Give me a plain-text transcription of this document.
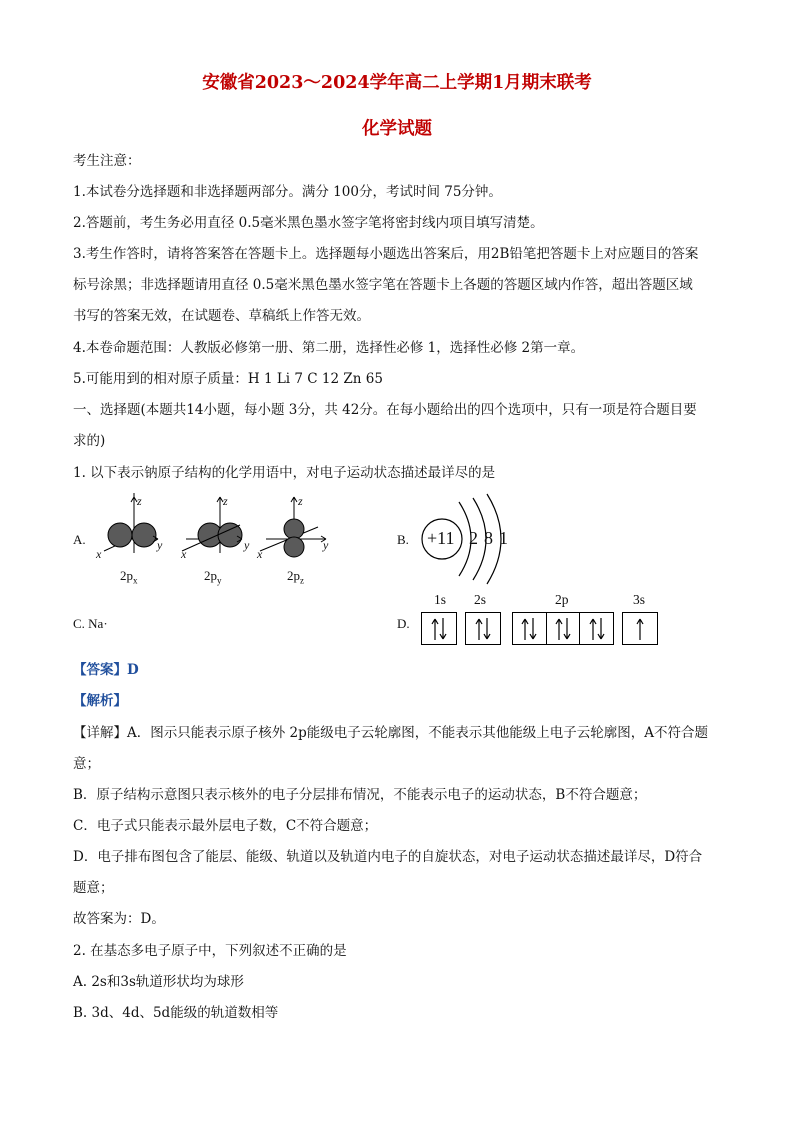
安徽省2023～2024学年高二上学期1月期末联考
化学试题
考生注意：
1.本试卷分选择题和非选择题两部分。满分 100分，考试时间 75分钟。
2.答题前，考生务必用直径 0.5毫米黑色墨水签字笔将密封线内项目填写清楚。
3.考生作答时，请将答案答在答题卡上。选择题每小题选出答案后，用2B铅笔把答题卡上对应题目的答案
标号涂黑；非选择题请用直径 0.5毫米黑色墨水签字笔在答题卡上各题的答题区域内作答，超出答题区域
书写的答案无效，在试题卷、草稿纸上作答无效。
4.本卷命题范围：人教版必修第一册、第二册，选择性必修 1，选择性必修 2第一章。
5.可能用到的相对原子质量：H 1 Li 7 C 12 Zn 65
一、选择题(本题共14小题，每小题 3分，共 42分。在每小题给出的四个选项中，只有一项是符合题目要
求的)
1. 以下表示钠原子结构的化学用语中，对电子运动状态描述最详尽的是
A.
z
y
x
z
y
x
z
y
x
$2p_x$	$2p_y$	$2p_z$
B. +11 2 8 1
C. Na·	D.
1s 2s	2p	3s
【答案】D
【解析】
【详解】A．图示只能表示原子核外 2p能级电子云轮廓图，不能表示其他能级上电子云轮廓图，A不符合题
意；
B．原子结构示意图只表示核外的电子分层排布情况，不能表示电子的运动状态，B不符合题意；
C．电子式只能表示最外层电子数，C不符合题意；
D．电子排布图包含了能层、能级、轨道以及轨道内电子的自旋状态，对电子运动状态描述最详尽，D符合
题意；
故答案为：D。
2. 在基态多电子原子中，下列叙述不正确的是
A. 2s和3s轨道形状均为球形
B. 3d、4d、5d能级的轨道数相等
